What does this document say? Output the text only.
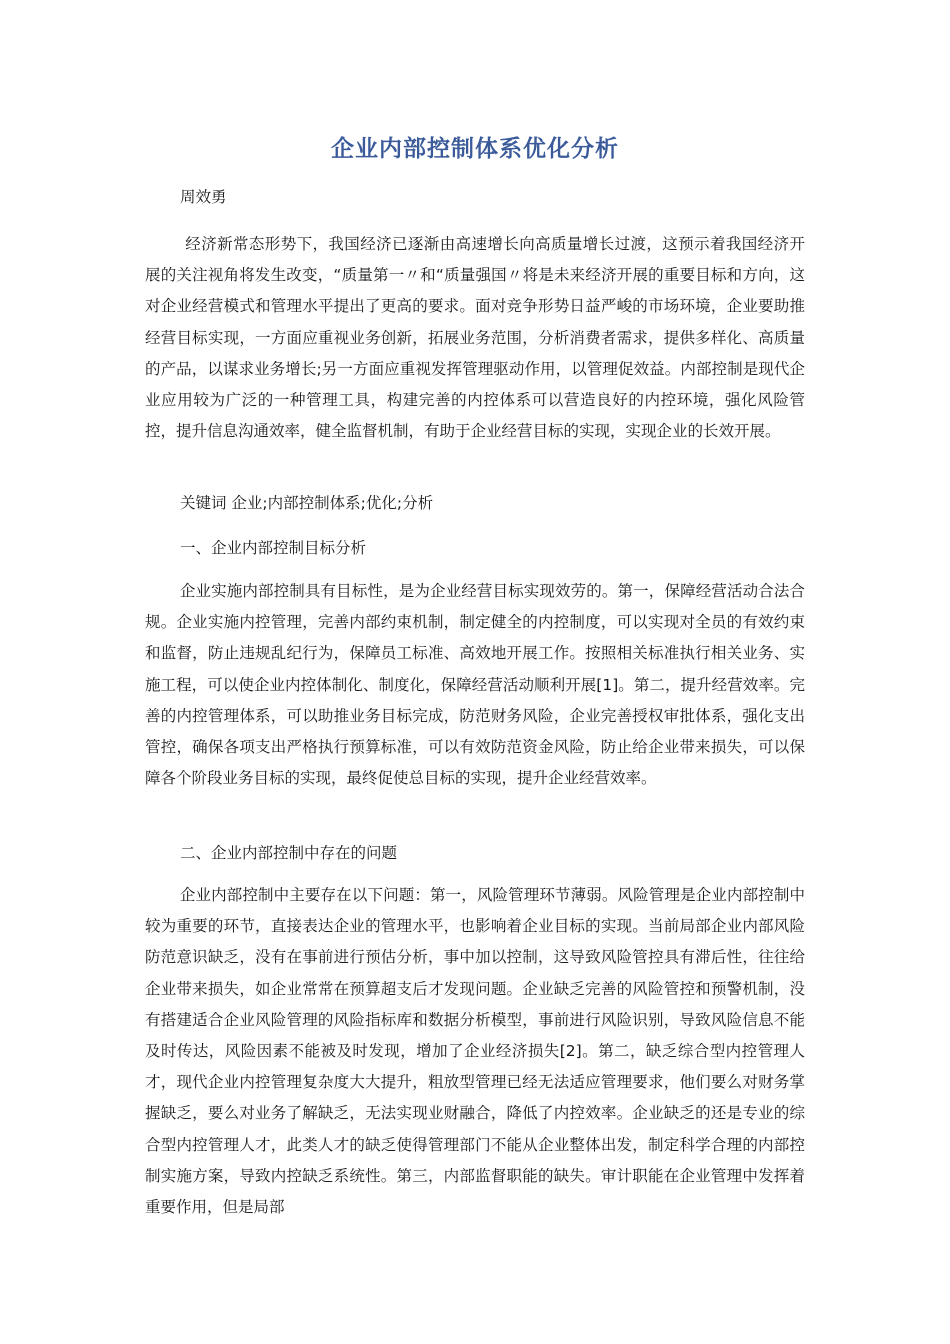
企业内部控制体系优化分析
周效勇

经济新常态形势下，我国经济已逐渐由高速增长向高质量增长过渡，这预示着我国经济开展的关注视角将发生改变，“质量第一〃和“质量强国〃将是未来经济开展的重要目标和方向，这对企业经营模式和管理水平提出了更高的要求。面对竞争形势日益严峻的市场环境，企业要助推经营目标实现，一方面应重视业务创新，拓展业务范围，分析消费者需求，提供多样化、高质量的产品，以谋求业务增长;另一方面应重视发挥管理驱动作用，以管理促效益。内部控制是现代企业应用较为广泛的一种管理工具，构建完善的内控体系可以营造良好的内控环境，强化风险管控，提升信息沟通效率，健全监督机制，有助于企业经营目标的实现，实现企业的长效开展。

关键词 企业;内部控制体系;优化;分析

一、企业内部控制目标分析

企业实施内部控制具有目标性，是为企业经营目标实现效劳的。第一，保障经营活动合法合规。企业实施内控管理，完善内部约束机制，制定健全的内控制度，可以实现对全员的有效约束和监督，防止违规乱纪行为，保障员工标准、高效地开展工作。按照相关标准执行相关业务、实施工程，可以使企业内控体制化、制度化，保障经营活动顺利开展[1]。第二，提升经营效率。完善的内控管理体系，可以助推业务目标完成，防范财务风险，企业完善授权审批体系，强化支出管控，确保各项支出严格执行预算标准，可以有效防范资金风险，防止给企业带来损失，可以保障各个阶段业务目标的实现，最终促使总目标的实现，提升企业经营效率。

二、企业内部控制中存在的问题

企业内部控制中主要存在以下问题：第一，风险管理环节薄弱。风险管理是企业内部控制中较为重要的环节，直接表达企业的管理水平，也影响着企业目标的实现。当前局部企业内部风险防范意识缺乏，没有在事前进行预估分析，事中加以控制，这导致风险管控具有滞后性，往往给企业带来损失，如企业常常在预算超支后才发现问题。企业缺乏完善的风险管控和预警机制，没有搭建适合企业风险管理的风险指标库和数据分析模型，事前进行风险识别，导致风险信息不能及时传达，风险因素不能被及时发现，增加了企业经济损失[2]。第二，缺乏综合型内控管理人才，现代企业内控管理复杂度大大提升，粗放型管理已经无法适应管理要求，他们要么对财务掌握缺乏，要么对业务了解缺乏，无法实现业财融合，降低了内控效率。企业缺乏的还是专业的综合型内控管理人才，此类人才的缺乏使得管理部门不能从企业整体出发，制定科学合理的内部控制实施方案，导致内控缺乏系统性。第三，内部监督职能的缺失。审计职能在企业管理中发挥着重要作用，但是局部
